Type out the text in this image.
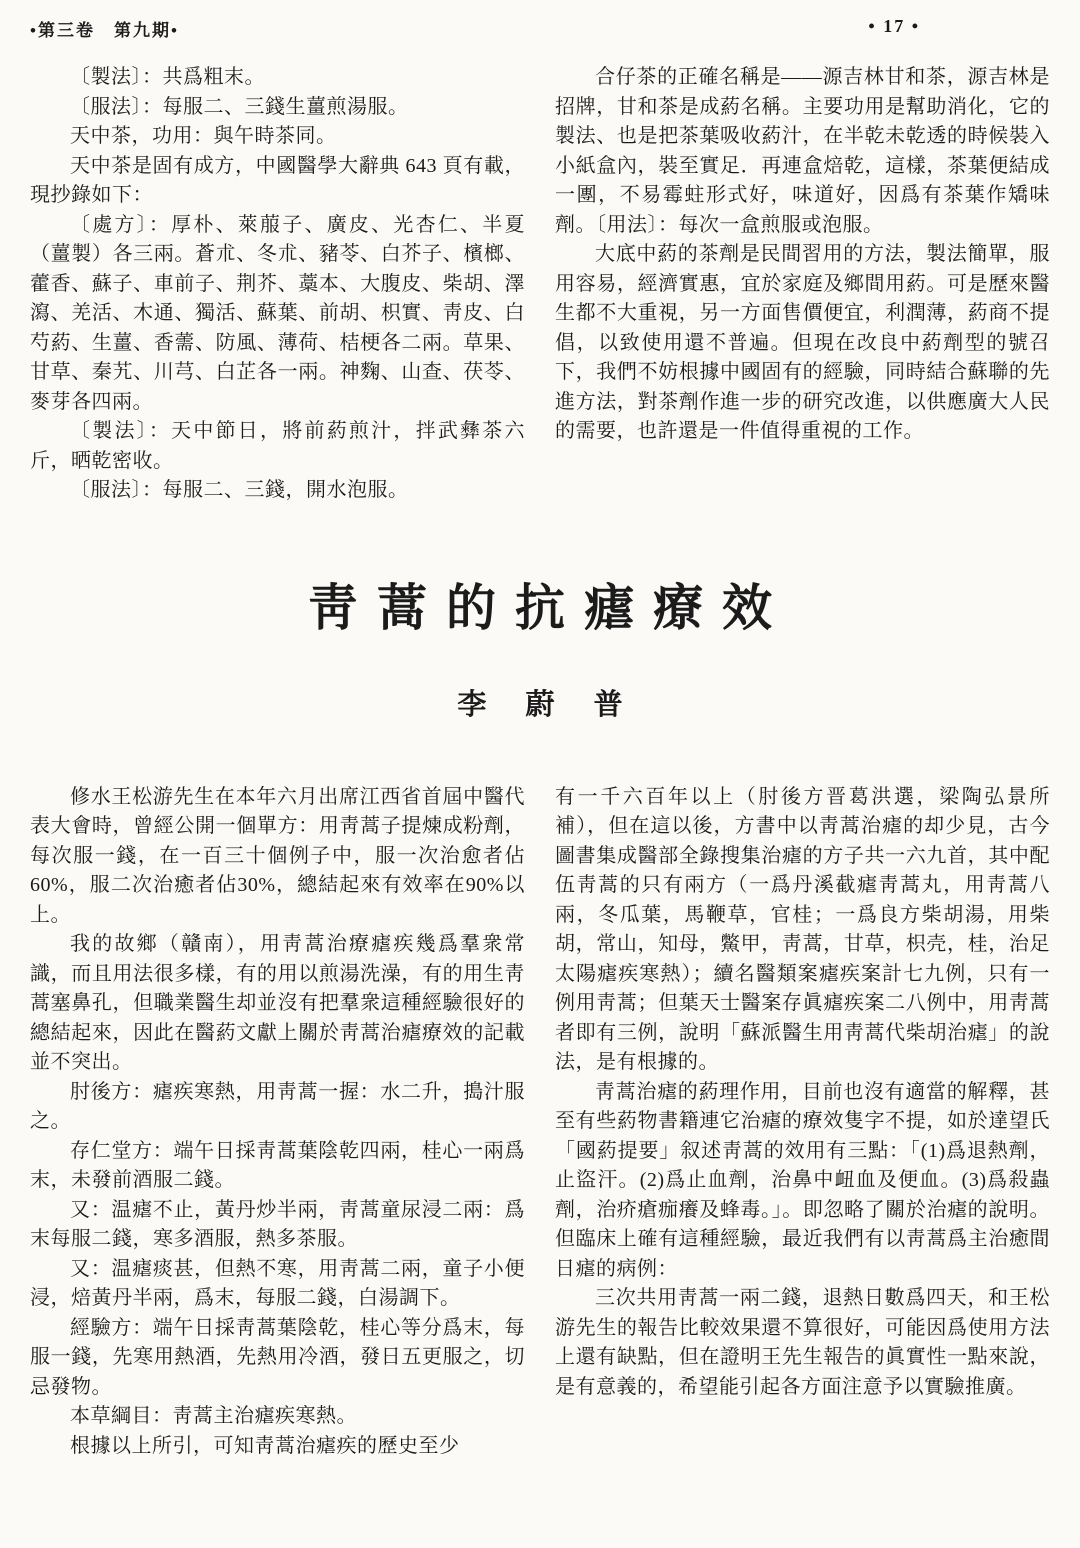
•第三卷　第九期•	• 17 •

〔製法〕：共爲粗末。

〔服法〕：每服二、三錢生薑煎湯服。

天中茶，功用：與午時茶同。

天中茶是固有成方，中國醫學大辭典 643 頁有載，現抄錄如下：

〔處方〕：厚朴、萊菔子、廣皮、光杏仁、半夏（薑製）各三兩。蒼朮、冬朮、豬苓、白芥子、檳榔、藿香、蘇子、車前子、荆芥、藁本、大腹皮、柴胡、澤瀉、羌活、木通、獨活、蘇葉、前胡、枳實、靑皮、白芍葯、生薑、香薷、防風、薄荷、桔梗各二兩。草果、甘草、秦艽、川芎、白芷各一兩。神麴、山查、茯苓、麥芽各四兩。

〔製法〕：天中節日，將前葯煎汁，拌武彝茶六斤，晒乾密收。

〔服法〕：每服二、三錢，開水泡服。

合仔茶的正確名稱是——源吉林甘和茶，源吉林是招牌，甘和茶是成葯名稱。主要功用是幫助消化，它的製法、也是把茶葉吸收葯汁，在半乾未乾透的時候裝入小紙盒內，裝至實足．再連盒焙乾，這樣，茶葉便結成一團，不易霉蛀形式好，味道好，因爲有茶葉作矯味劑。〔用法〕：每次一盒煎服或泡服。

大底中葯的茶劑是民間習用的方法，製法簡單，服用容易，經濟實惠，宜於家庭及鄉間用葯。可是歷來醫生都不大重視，另一方面售價便宜，利潤薄，葯商不提倡，以致使用還不普遍。但現在改良中葯劑型的號召下，我們不妨根據中國固有的經驗，同時結合蘇聯的先進方法，對茶劑作進一步的研究改進，以供應廣大人民的需要，也許還是一件值得重視的工作。

靑蒿的抗瘧療效
李蔚普

修水王松游先生在本年六月出席江西省首屆中醫代表大會時，曾經公開一個單方：用靑蒿子提煉成粉劑，每次服一錢，在一百三十個例子中，服一次治愈者佔60%，服二次治癒者佔30%，總結起來有效率在90%以上。

我的故鄉（贛南），用靑蒿治療瘧疾幾爲羣衆常識，而且用法很多樣，有的用以煎湯洗澡，有的用生靑蒿塞鼻孔，但職業醫生却並沒有把羣衆這種經驗很好的總結起來，因此在醫葯文獻上關於靑蒿治瘧療效的記載並不突出。

肘後方：瘧疾寒熱，用靑蒿一握：水二升，搗汁服之。

存仁堂方：端午日採靑蒿葉陰乾四兩，桂心一兩爲末，未發前酒服二錢。

又：温瘧不止，黃丹炒半兩，靑蒿童尿浸二兩：爲末每服二錢，寒多酒服，熱多茶服。

又：温瘧痰甚，但熱不寒，用靑蒿二兩，童子小便浸，焙黃丹半兩，爲末，每服二錢，白湯調下。

經驗方：端午日採靑蒿葉陰乾，桂心等分爲末，每服一錢，先寒用熱酒，先熱用冷酒，發日五更服之，切忌發物。

本草綱目：靑蒿主治瘧疾寒熱。

根據以上所引，可知靑蒿治瘧疾的歷史至少

有一千六百年以上（肘後方晋葛洪選，梁陶弘景所補），但在這以後，方書中以靑蒿治瘧的却少見，古今圖書集成醫部全錄搜集治瘧的方子共一六九首，其中配伍靑蒿的只有兩方（一爲丹溪截瘧靑蒿丸，用靑蒿八兩，冬瓜葉，馬鞭草，官桂；一爲良方柴胡湯，用柴胡，常山，知母，鱉甲，靑蒿，甘草，枳壳，桂，治足太陽瘧疾寒熱）；續名醫類案瘧疾案計七九例，只有一例用靑蒿；但葉天士醫案存眞瘧疾案二八例中，用靑蒿者即有三例，說明「蘇派醫生用靑蒿代柴胡治瘧」的說法，是有根據的。

靑蒿治瘧的葯理作用，目前也沒有適當的解釋，甚至有些葯物書籍連它治瘧的療效隻字不提，如於達望氏「國葯提要」叙述靑蒿的效用有三點：「(1)爲退熱劑，止盜汗。(2)爲止血劑，治鼻中衄血及便血。(3)爲殺蟲劑，治疥瘡痂癢及蜂毒。」。即忽略了關於治瘧的說明。但臨床上確有這種經驗，最近我們有以靑蒿爲主治癒間日瘧的病例：

三次共用靑蒿一兩二錢，退熱日數爲四天，和王松游先生的報告比較效果還不算很好，可能因爲使用方法上還有缺點，但在證明王先生報告的眞實性一點來說，是有意義的，希望能引起各方面注意予以實驗推廣。
